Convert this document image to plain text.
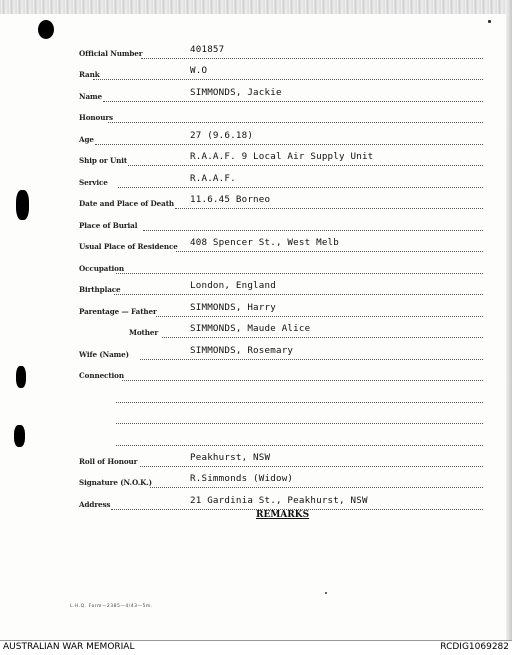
Official Number	401857
Rank	W.O
Name	SIMMONDS, Jackie
Honours
Age	27 (9.6.18)
Ship or Unit	R.A.A.F. 9 Local Air Supply Unit
Service	R.A.A.F.
Date and Place of Death 11.6.45 Borneo
Place of Burial
Usual Place of Residence 408 Spencer St., West Melb
Occupation
Birthplace	London, England
Parentage — Father	SIMMONDS, Harry
Mother	SIMMONDS, Maude Alice
Wife (Name)	SIMMONDS, Rosemary
Connection
Roll of Honour	Peakhurst, NSW
Signature (N.O.K.)	R.Simmonds (Widow)
Address	21 Gardinia St., Peakhurst, NSW
REMARKS
L.H.Q. Form—2385—4/43—5m.
AUSTRALIAN WAR MEMORIAL	RCDIG1069282
